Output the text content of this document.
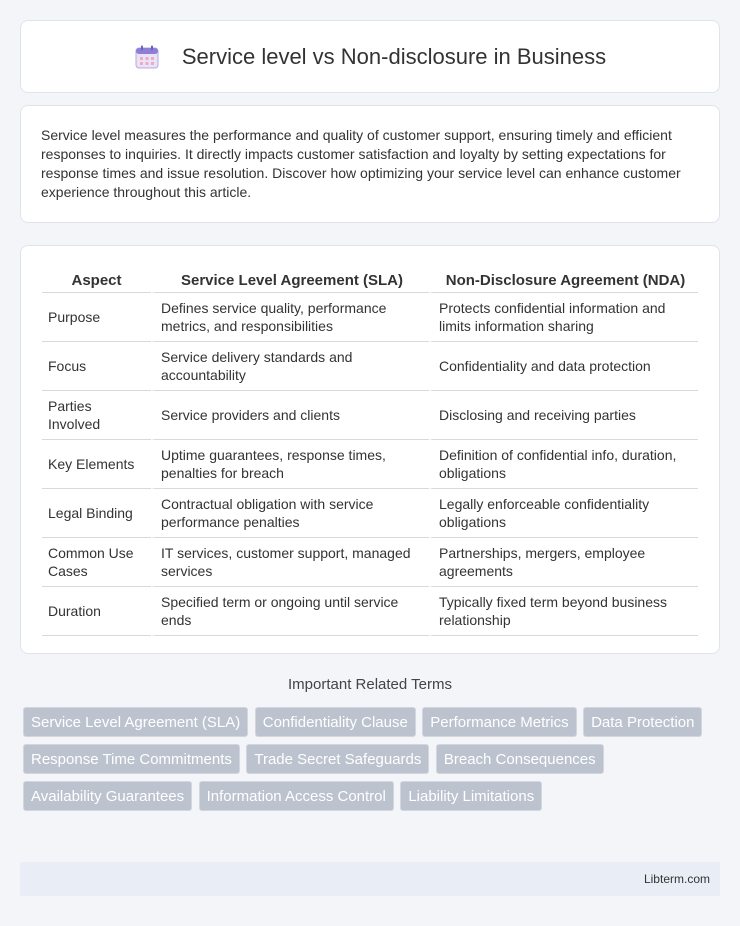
Service level vs Non-disclosure in Business

Service level measures the performance and quality of customer support, ensuring timely and efficient responses to inquiries. It directly impacts customer satisfaction and loyalty by setting expectations for response times and issue resolution. Discover how optimizing your service level can enhance customer experience throughout this article.

Aspect	Service Level Agreement (SLA)	Non-Disclosure Agreement (NDA)
Purpose	Defines service quality, performance metrics, and responsibilities	Protects confidential information and limits information sharing
Focus	Service delivery standards and accountability	Confidentiality and data protection
Parties Involved	Service providers and clients	Disclosing and receiving parties
Key Elements	Uptime guarantees, response times, penalties for breach	Definition of confidential info, duration, obligations
Legal Binding	Contractual obligation with service performance penalties	Legally enforceable confidentiality obligations
Common Use Cases	IT services, customer support, managed services	Partnerships, mergers, employee agreements
Duration	Specified term or ongoing until service ends	Typically fixed term beyond business relationship
Important Related Terms
Service Level Agreement (SLA) Confidentiality Clause Performance Metrics Data Protection Response Time Commitments Trade Secret Safeguards Breach Consequences Availability Guarantees Information Access Control Liability Limitations
Libterm.com
